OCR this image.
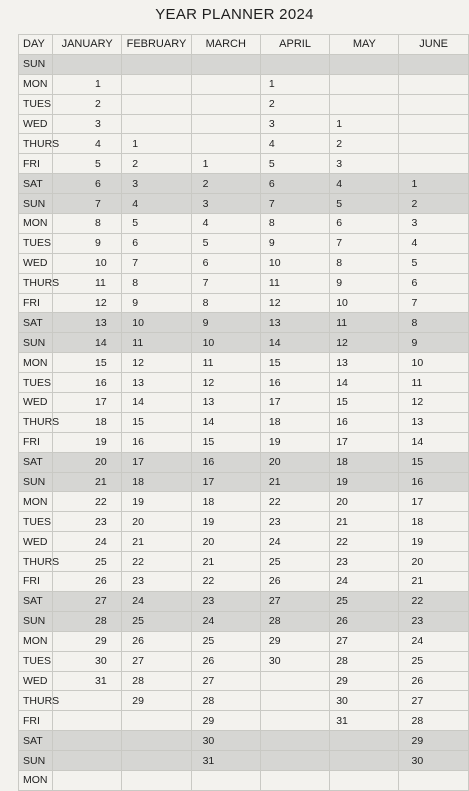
YEAR PLANNER 2024
DAY	JANUARY	FEBRUARY	MARCH	APRIL	MAY	JUNE
SUN						
MON	1			1		
TUES	2			2		
WED	3			3	1	
THURS	4	1		4	2	
FRI	5	2	1	5	3	
SAT	6	3	2	6	4	1
SUN	7	4	3	7	5	2
MON	8	5	4	8	6	3
TUES	9	6	5	9	7	4
WED	10	7	6	10	8	5
THURS	11	8	7	11	9	6
FRI	12	9	8	12	10	7
SAT	13	10	9	13	11	8
SUN	14	11	10	14	12	9
MON	15	12	11	15	13	10
TUES	16	13	12	16	14	11
WED	17	14	13	17	15	12
THURS	18	15	14	18	16	13
FRI	19	16	15	19	17	14
SAT	20	17	16	20	18	15
SUN	21	18	17	21	19	16
MON	22	19	18	22	20	17
TUES	23	20	19	23	21	18
WED	24	21	20	24	22	19
THURS	25	22	21	25	23	20
FRI	26	23	22	26	24	21
SAT	27	24	23	27	25	22
SUN	28	25	24	28	26	23
MON	29	26	25	29	27	24
TUES	30	27	26	30	28	25
WED	31	28	27		29	26
THURS		29	28		30	27
FRI			29		31	28
SAT			30			29
SUN			31			30
MON						
